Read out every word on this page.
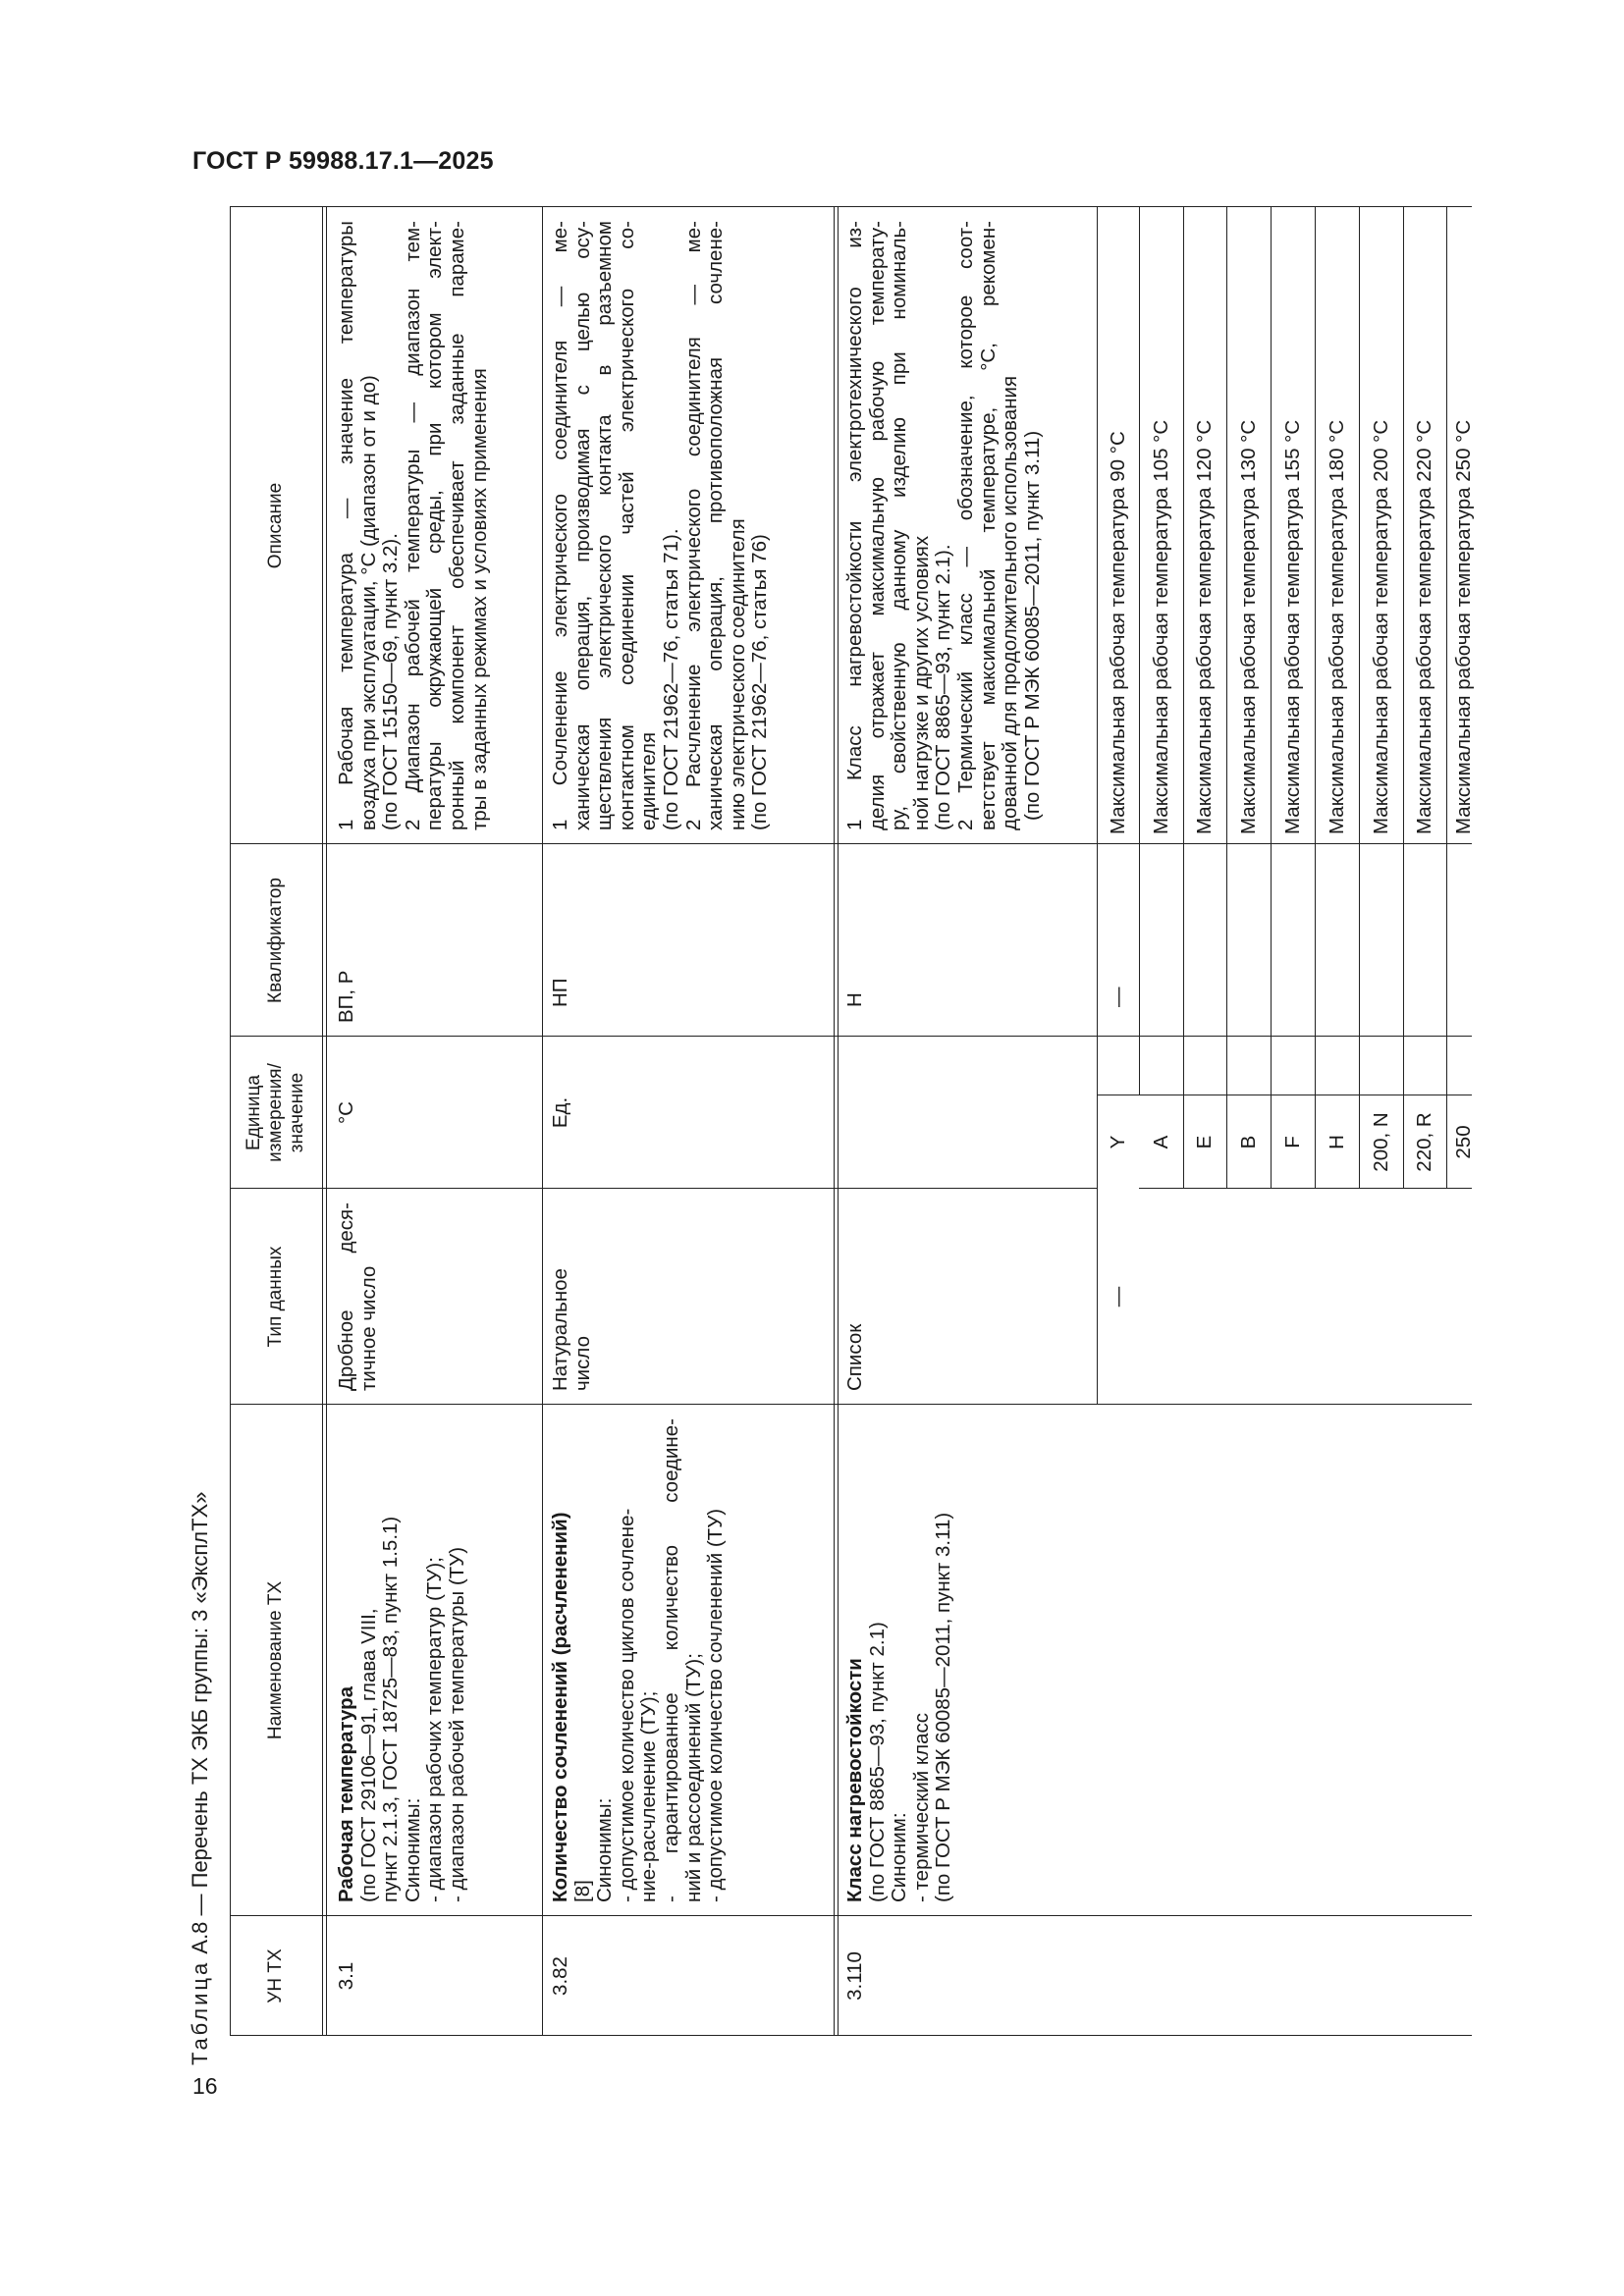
ГОСТ Р 59988.17.1—2025
16
Таблица А.8 — Перечень ТХ ЭКБ группы: 3 «ЭксплТХ»
УН ТХ
Наименование ТХ
Тип данных
Единица измерения/ значение
Квалификатор
Описание
3.1
Рабочая температура (по ГОСТ 29106—91, глава VIII, пункт 2.1.3, ГОСТ 18725—83, пункт 1.5.1) Синонимы: - диапазон рабочих температур (ТУ); - диапазон рабочей температуры (ТУ)
Дробное деся- тичное число
°С
ВП, Р
1 Рабочая температура — значение температуры воздуха при эксплуатации, °С (диапазон от и до) (по ГОСТ 15150—69, пункт 3.2). 2 Диапазон рабочей температуры — диапазон тем- пературы окружающей среды, при котором элект- ронный компонент обеспечивает заданные параме- тры в заданных режимах и условиях применения
3.82
Количество сочленений (расчленений) [8] Синонимы: - допустимое количество циклов сочлене- ние-расчленение (ТУ); - гарантированное количество соедине- ний и рассоединений (ТУ); - допустимое количество сочленений (ТУ)
Натуральное число
Ед.
НП
1 Сочленение электрического соединителя — ме- ханическая операция, производимая с целью осу- ществления электрического контакта в разъемном контактном соединении частей электрического со- единителя (по ГОСТ 21962—76, статья 71). 2 Расчленение электрического соединителя — ме- ханическая операция, противоположная сочлене- нию электрического соединителя (по ГОСТ 21962—76, статья 76)
3.110
Класс нагревостойкости (по ГОСТ 8865—93, пункт 2.1) Синоним: - термический класс (по ГОСТ Р МЭК 60085—2011, пункт 3.11)
Список
Н
1 Класс нагревостойкости электротехнического из- делия отражает максимальную рабочую температу- ру, свойственную данному изделию при номиналь- ной нагрузке и других условиях (по ГОСТ 8865—93, пункт 2.1). 2 Термический класс — обозначение, которое соот- ветствует максимальной температуре, °С, рекомен- дованной для продолжительного использования (по ГОСТ Р МЭК 60085—2011, пункт 3.11)
—
—
Y
Максимальная рабочая температура 90 °С
А
Максимальная рабочая температура 105 °С
Е
Максимальная рабочая температура 120 °С
В
Максимальная рабочая температура 130 °С
F
Максимальная рабочая температура 155 °С
Н
Максимальная рабочая температура 180 °С
200, N
Максимальная рабочая температура 200 °С
220, R
Максимальная рабочая температура 220 °С
250
Максимальная рабочая температура 250 °С
